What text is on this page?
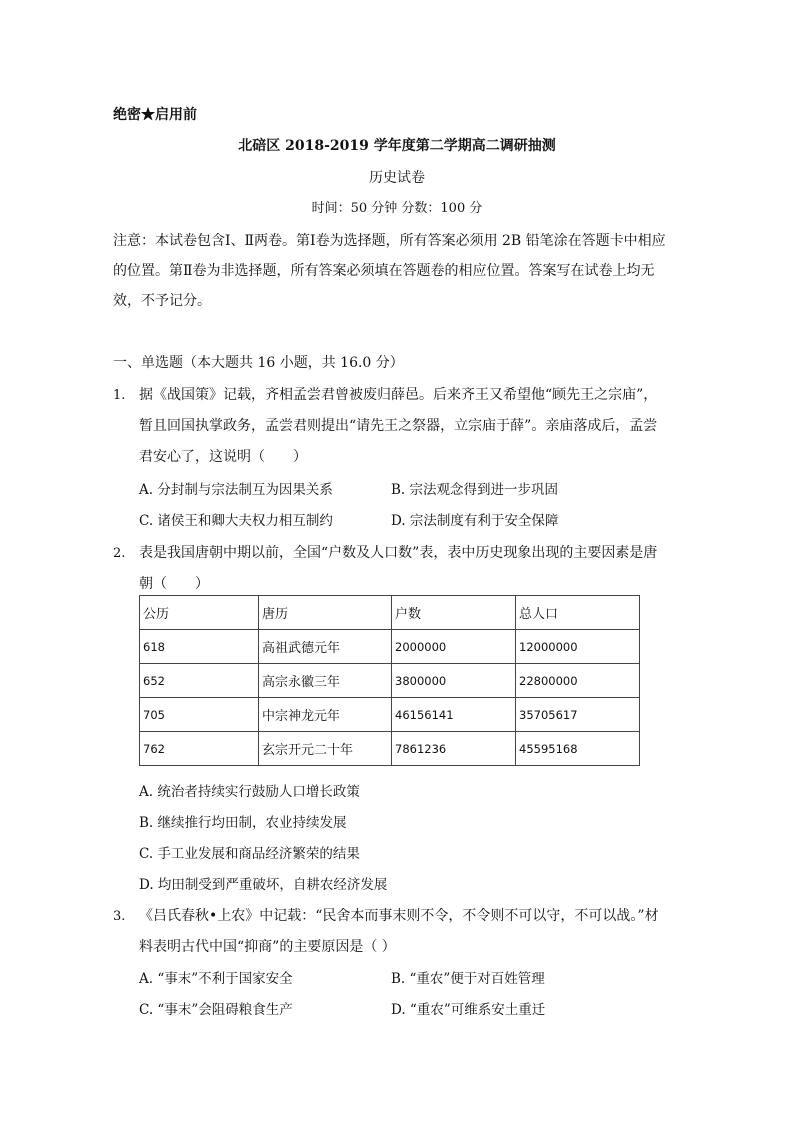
绝密★启用前
北碚区 2018-2019 学年度第二学期高二调研抽测
历史试卷
时间：50 分钟 分数：100 分
注意：本试卷包含Ⅰ、Ⅱ两卷。第Ⅰ卷为选择题，所有答案必须用 2B 铅笔涂在答题卡中相应的位置。第Ⅱ卷为非选择题，所有答案必须填在答题卷的相应位置。答案写在试卷上均无效，不予记分。
一、单选题（本大题共 16 小题，共 16.0 分）
1. 据《战国策》记载，齐相孟尝君曾被废归薛邑。后来齐王又希望他“顾先王之宗庙”，暂且回国执掌政务，孟尝君则提出“请先王之祭器，立宗庙于薛”。亲庙落成后，孟尝君安心了，这说明（　　）
A. 分封制与宗法制互为因果关系	B. 宗法观念得到进一步巩固
C. 诸侯王和卿大夫权力相互制约	D. 宗法制度有利于安全保障
2. 表是我国唐朝中期以前，全国“户数及人口数”表，表中历史现象出现的主要因素是唐朝（　　）
公历	唐历	户数	总人口
618	高祖武德元年	2000000	12000000
652	高宗永徽三年	3800000	22800000
705	中宗神龙元年	46156141	35705617
762	玄宗开元二十年	7861236	45595168
A. 统治者持续实行鼓励人口增长政策
B. 继续推行均田制，农业持续发展
C. 手工业发展和商品经济繁荣的结果
D. 均田制受到严重破坏，自耕农经济发展
3. 《吕氏春秋•上农》中记载：“民舍本而事末则不令，不令则不可以守，不可以战。”材料表明古代中国“抑商”的主要原因是（ ）
A. “事末”不利于国家安全	B. “重农”便于对百姓管理
C. “事末”会阻碍粮食生产	D. “重农”可维系安土重迁
